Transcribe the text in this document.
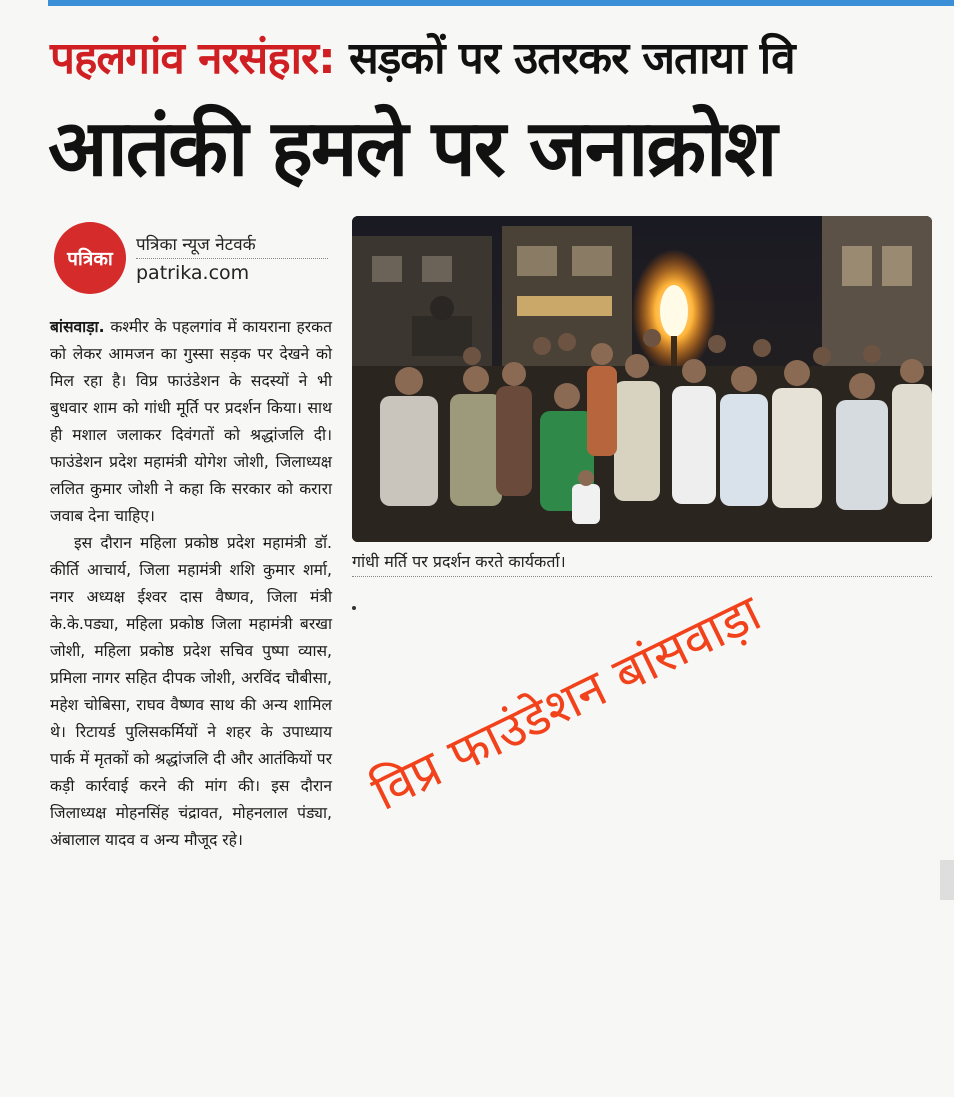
पहलगांव नरसंहार: सड़कों पर उतरकर जताया वि
आतंकी हमले पर जनाक्रोश
पत्रिका
पत्रिका न्यूज नेटवर्क
patrika.com

बांसवाड़ा. कश्मीर के पहलगांव में कायराना हरकत को लेकर आमजन का गुस्सा सड़क पर देखने को मिल रहा है। विप्र फाउंडेशन के सदस्यों ने भी बुधवार शाम को गांधी मूर्ति पर प्रदर्शन किया। साथ ही मशाल जलाकर दिवंगतों को श्रद्धांजलि दी। फाउंडेशन प्रदेश महामंत्री योगेश जोशी, जिलाध्यक्ष ललित कुमार जोशी ने कहा कि सरकार को करारा जवाब देना चाहिए।

इस दौरान महिला प्रकोष्ठ प्रदेश महामंत्री डॉ. कीर्ति आचार्य, जिला महामंत्री शशि कुमार शर्मा, नगर अध्यक्ष ईश्वर दास वैष्णव, जिला मंत्री के.के.पड्या, महिला प्रकोष्ठ जिला महामंत्री बरखा जोशी, महिला प्रकोष्ठ प्रदेश सचिव पुष्पा व्यास, प्रमिला नागर सहित दीपक जोशी, अरविंद चौबीसा, महेश चोबिसा, राघव वैष्णव साथ की अन्य शामिल थे। रिटायर्ड पुलिसकर्मियों ने शहर के उपाध्याय पार्क में मृतकों को श्रद्धांजलि दी और आतंकियों पर कड़ी कार्रवाई करने की मांग की। इस दौरान जिलाध्यक्ष मोहनसिंह चंद्रावत, मोहनलाल पंड्या, अंबालाल यादव व अन्य मौजूद रहे।

गांधी मर्ति पर प्रदर्शन करते कार्यकर्ता।
विप्र फाउंडेशन बांसवाड़ा
